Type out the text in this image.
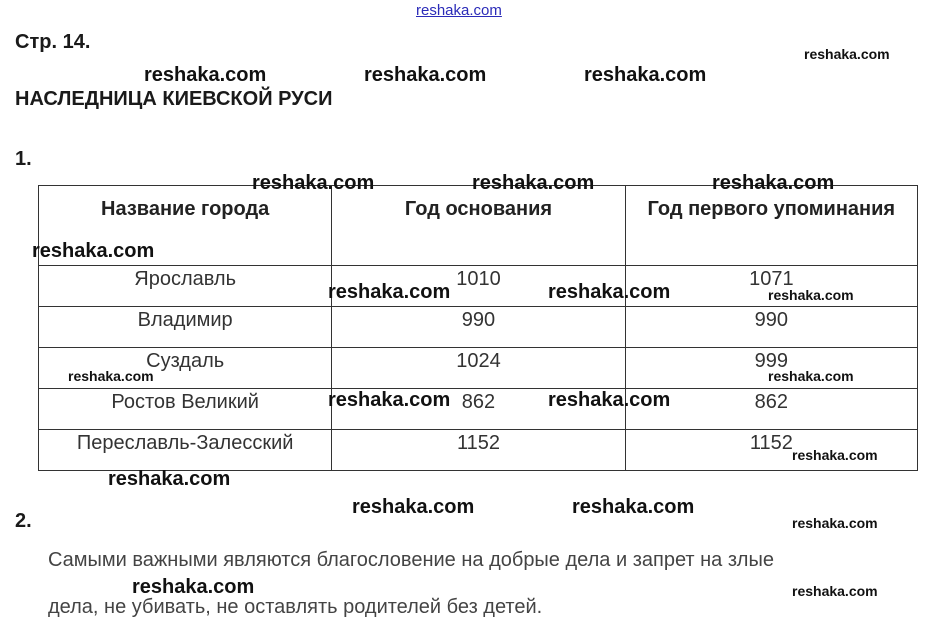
reshaka.com
Стр. 14.
НАСЛЕДНИЦА КИЕВСКОЙ РУСИ
1.
Название города	Год основания	Год первого упоминания

Ярославль	1010	1071
Владимир	990	990
Суздаль	1024	999
Ростов Великий	862	862
Переславль-Залесский	1152	1152
2.
Самыми важными являются благословение на добрые дела и запрет на злые
дела, не убивать, не оставлять родителей без детей.
reshaka.com
reshaka.com	reshaka.com	reshaka.com
reshaka.com	reshaka.com	reshaka.com
reshaka.com
reshaka.com	reshaka.com	reshaka.com
reshaka.com	reshaka.com
reshaka.com	reshaka.com
reshaka.com
reshaka.com
reshaka.com	reshaka.com
reshaka.com
reshaka.com	reshaka.com
